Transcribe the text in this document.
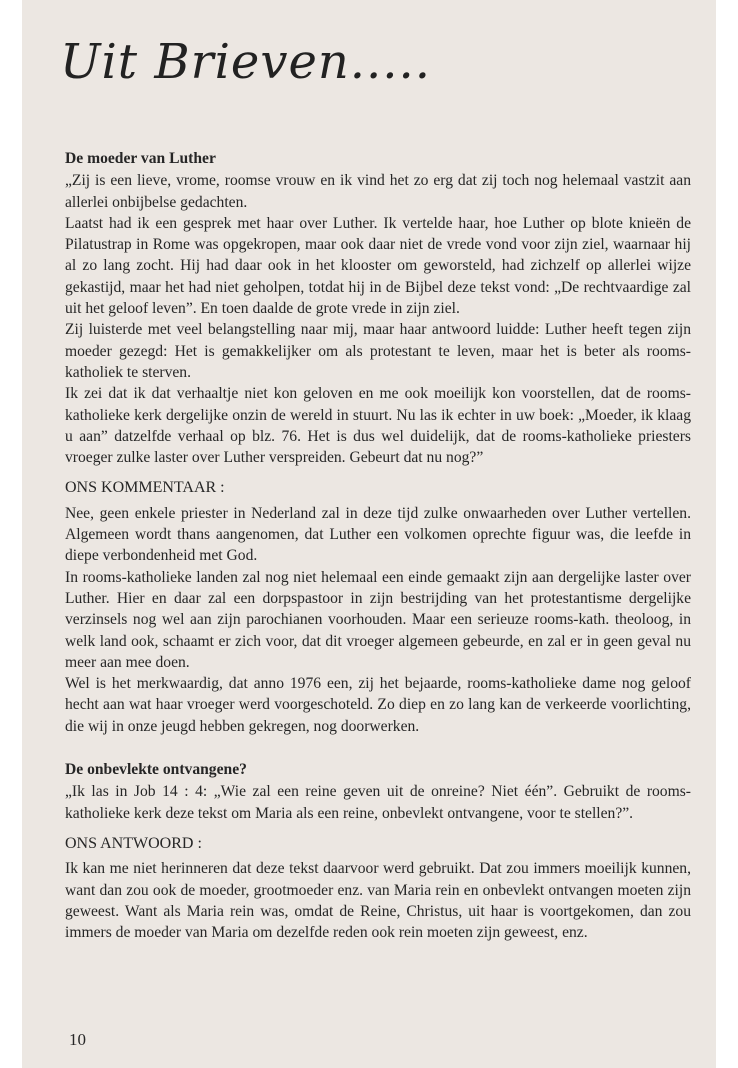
Uit Brieven.....

De moeder van Luther

„Zij is een lieve, vrome, roomse vrouw en ik vind het zo erg dat zij toch nog helemaal vastzit aan allerlei onbijbelse gedachten.

Laatst had ik een gesprek met haar over Luther. Ik vertelde haar, hoe Luther op blote knieën de Pilatustrap in Rome was opgekropen, maar ook daar niet de vrede vond voor zijn ziel, waarnaar hij al zo lang zocht. Hij had daar ook in het klooster om geworsteld, had zichzelf op allerlei wijze gekastijd, maar het had niet geholpen, totdat hij in de Bijbel deze tekst vond: „De rechtvaardige zal uit het geloof leven”. En toen daalde de grote vrede in zijn ziel.

Zij luisterde met veel belangstelling naar mij, maar haar antwoord luidde: Luther heeft tegen zijn moeder gezegd: Het is gemakkelijker om als protestant te leven, maar het is beter als rooms-katholiek te sterven.

Ik zei dat ik dat verhaaltje niet kon geloven en me ook moeilijk kon voorstellen, dat de rooms-katholieke kerk dergelijke onzin de wereld in stuurt. Nu las ik echter in uw boek: „Moeder, ik klaag u aan” datzelfde verhaal op blz. 76. Het is dus wel duidelijk, dat de rooms-katholieke priesters vroeger zulke laster over Luther verspreiden. Gebeurt dat nu nog?”

ONS KOMMENTAAR :

Nee, geen enkele priester in Nederland zal in deze tijd zulke onwaarheden over Luther vertellen. Algemeen wordt thans aangenomen, dat Luther een volkomen oprechte figuur was, die leefde in diepe verbondenheid met God.

In rooms-katholieke landen zal nog niet helemaal een einde gemaakt zijn aan dergelijke laster over Luther. Hier en daar zal een dorpspastoor in zijn bestrijding van het protestantisme dergelijke verzinsels nog wel aan zijn parochianen voorhouden. Maar een serieuze rooms-kath. theoloog, in welk land ook, schaamt er zich voor, dat dit vroeger algemeen gebeurde, en zal er in geen geval nu meer aan mee doen.

Wel is het merkwaardig, dat anno 1976 een, zij het bejaarde, rooms-katholieke dame nog geloof hecht aan wat haar vroeger werd voorgeschoteld. Zo diep en zo lang kan de verkeerde voorlichting, die wij in onze jeugd hebben gekregen, nog doorwerken.

De onbevlekte ontvangene?

„Ik las in Job 14 : 4: „Wie zal een reine geven uit de onreine? Niet één”. Gebruikt de rooms-katholieke kerk deze tekst om Maria als een reine, onbevlekt ontvangene, voor te stellen?”.

ONS ANTWOORD :

Ik kan me niet herinneren dat deze tekst daarvoor werd gebruikt. Dat zou immers moeilijk kunnen, want dan zou ook de moeder, grootmoeder enz. van Maria rein en onbevlekt ontvangen moeten zijn geweest. Want als Maria rein was, omdat de Reine, Christus, uit haar is voortgekomen, dan zou immers de moeder van Maria om dezelfde reden ook rein moeten zijn geweest, enz.

10
